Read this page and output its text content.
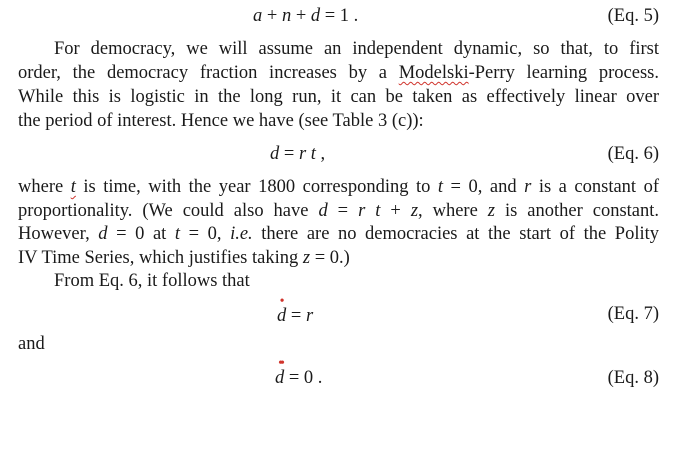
a + n + d = 1 .	(Eq. 5)
For democracy, we will assume an independent dynamic, so that, to first
order, the democracy fraction increases by a Modelski-Perry learning process.
While this is logistic in the long run, it can be taken as effectively linear over
the period of interest. Hence we have (see Table 3 (c)):
d = r t ,	(Eq. 6)
where t is time, with the year 1800 corresponding to t = 0, and r is a constant of
proportionality. (We could also have d = r t + z, where z is another constant.
However, d = 0 at t = 0, i.e. there are no democracies at the start of the Polity
IV Time Series, which justifies taking z = 0.)
From Eq. 6, it follows that
•
d = r	(Eq. 7)
and
••
d = 0 .	(Eq. 8)
